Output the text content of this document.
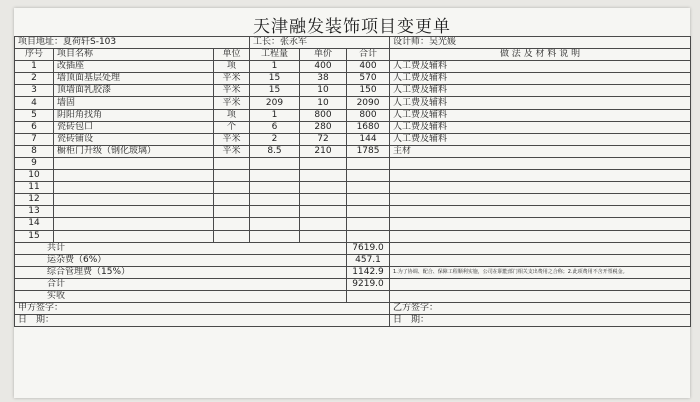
天津融发装饰项目变更单
项目地址：夏荷轩S-103			工长：张永军			设计师：吴光媛
序号	项目名称	单位	工程量	单价	合计	做 法 及 材 料 说 明
1	改插座	项	1	400	400	人工费及辅料
2	墙顶面基层处理	平米	15	38	570	人工费及辅料
3	顶墙面乳胶漆	平米	15	10	150	人工费及辅料
4	墙固	平米	209	10	2090	人工费及辅料
5	阴阳角找角	项	1	800	800	人工费及辅料
6	瓷砖包口	个	6	280	1680	人工费及辅料
7	瓷砖铺设	平米	2	72	144	人工费及辅料
8	橱柜门升级（钢化玻璃）	平米	8.5	210	1785	主材
9						
10						
11						
12						
13						
14						
15						
共计					7619.0	
运杂费（6%）					457.1	
综合管理费（15%）					1142.9	1.为了协调、配合、保障工程顺利实施，公司在职能部门相关支出费用之合称；2.此项费用不含开票税金。
合计					9219.0	
实收						
甲方签字：						乙方签字：
日　期：						日　期：
